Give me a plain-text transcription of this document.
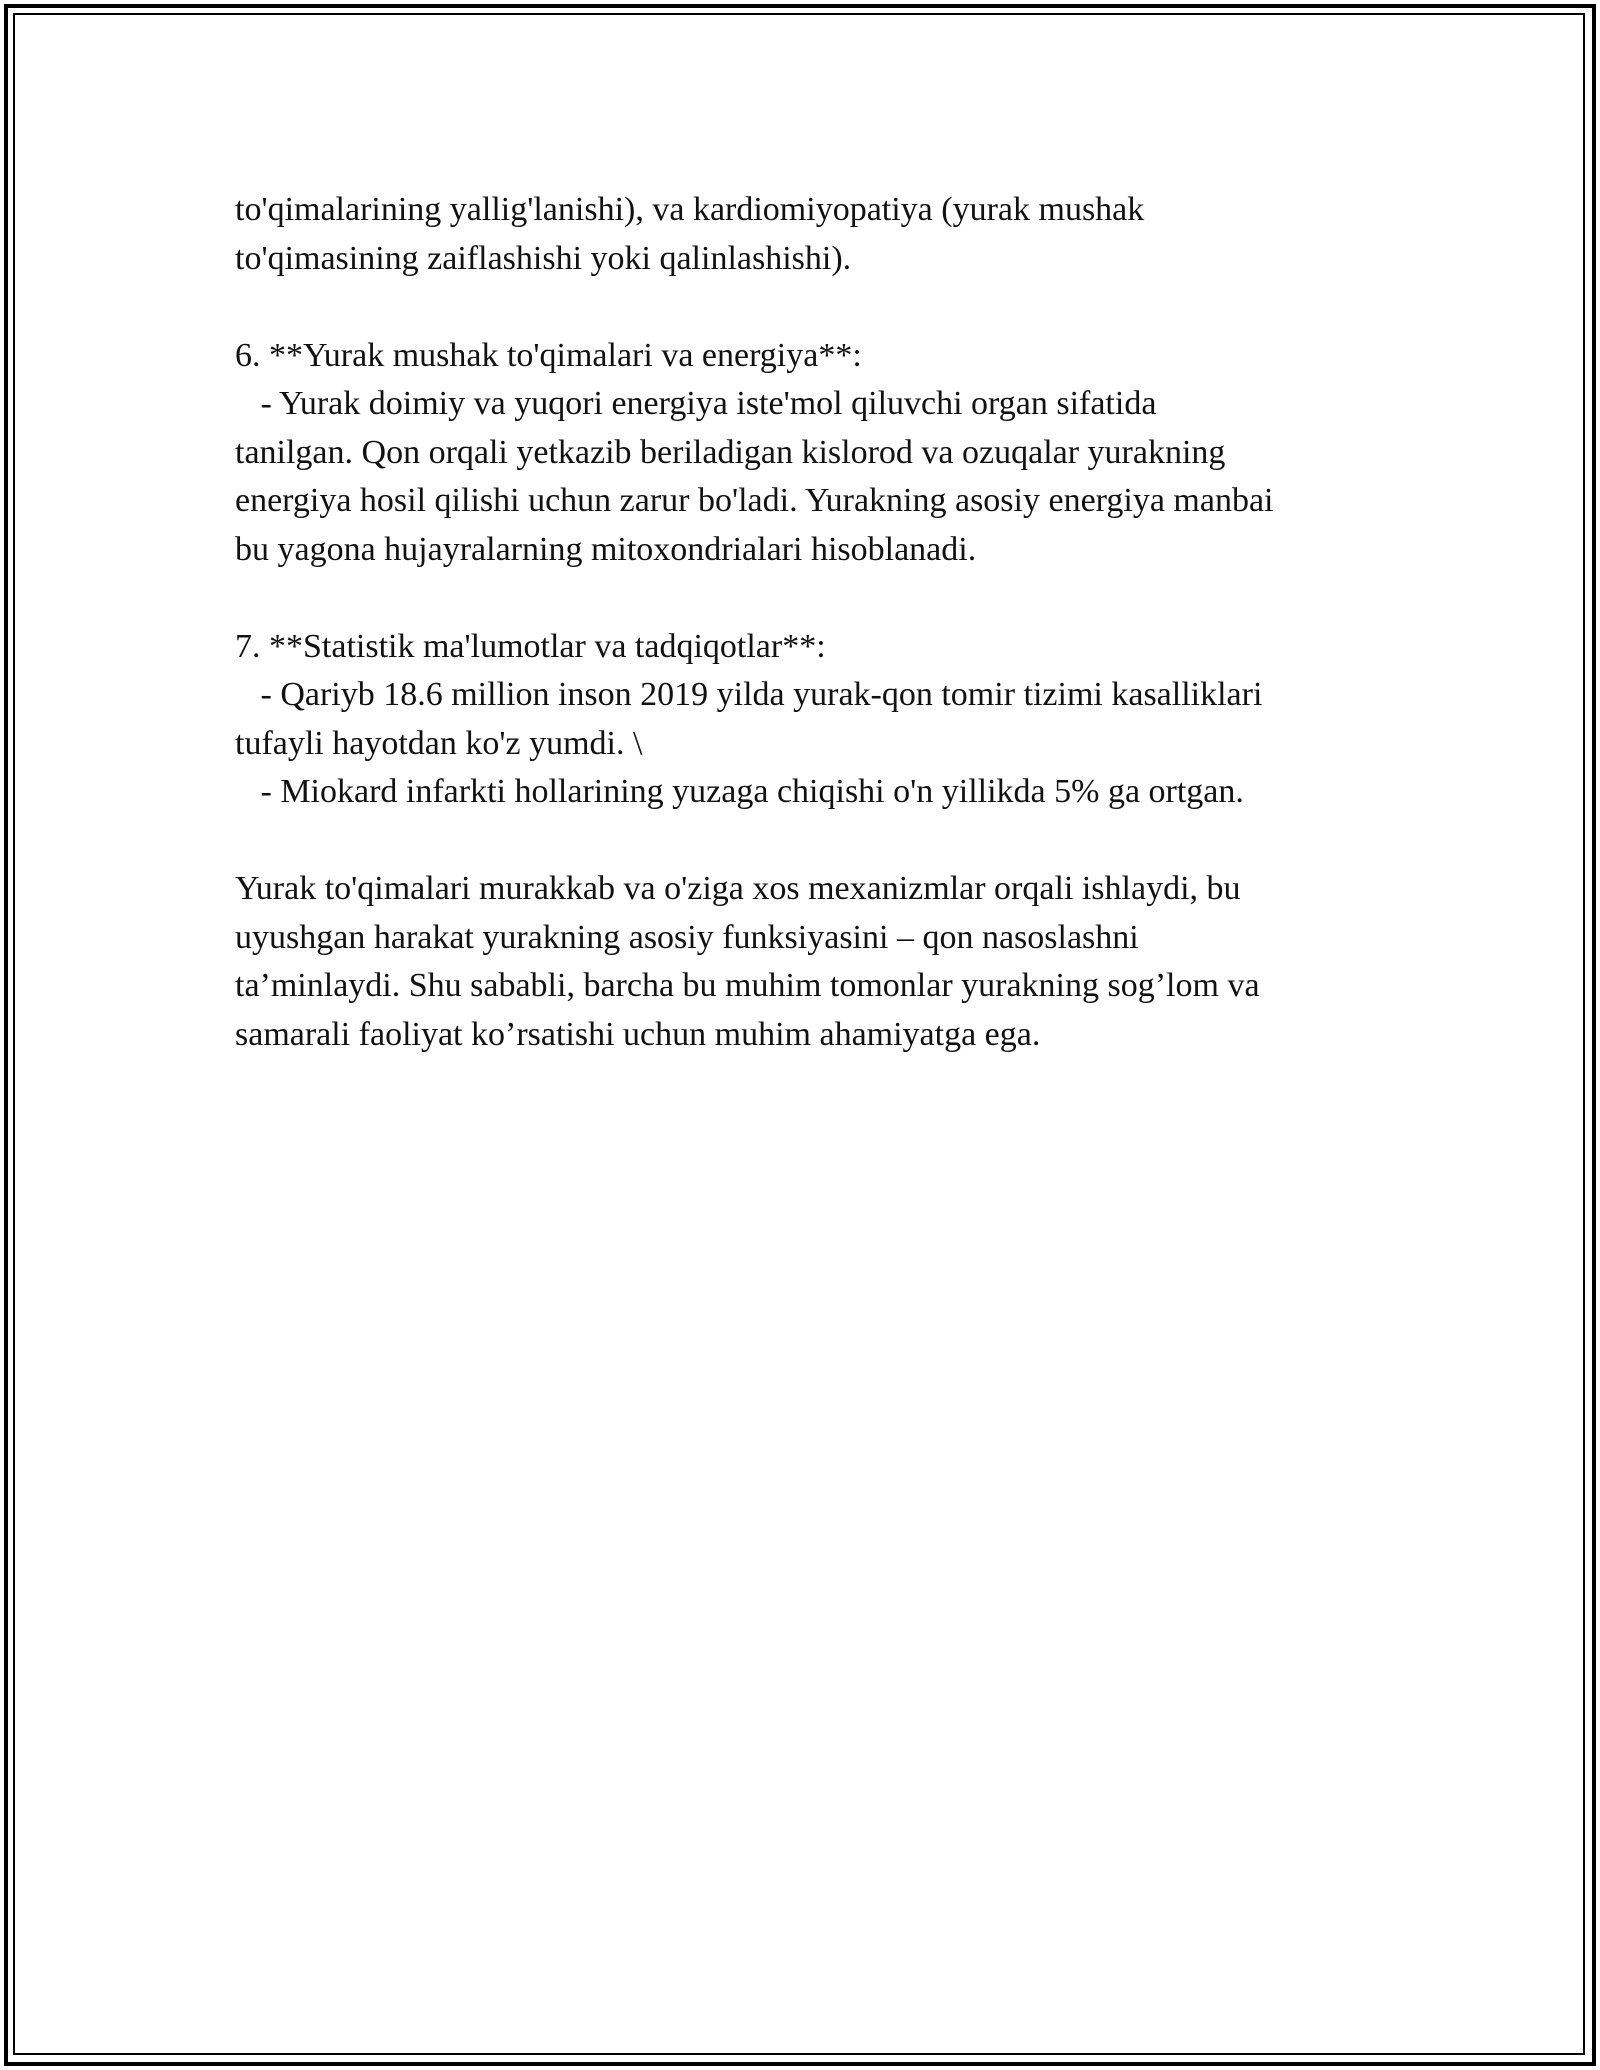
to'qimalarining yallig'lanishi), va kardiomiyopatiya (yurak mushak

to'qimasining zaiflashishi yoki qalinlashishi).

6. **Yurak mushak to'qimalari va energiya**:

- Yurak doimiy va yuqori energiya iste'mol qiluvchi organ sifatida

tanilgan. Qon orqali yetkazib beriladigan kislorod va ozuqalar yurakning

energiya hosil qilishi uchun zarur bo'ladi. Yurakning asosiy energiya manbai

bu yagona hujayralarning mitoxondrialari hisoblanadi.

7. **Statistik ma'lumotlar va tadqiqotlar**:

- Qariyb 18.6 million inson 2019 yilda yurak-qon tomir tizimi kasalliklari

tufayli hayotdan ko'z yumdi. \

- Miokard infarkti hollarining yuzaga chiqishi o'n yillikda 5% ga ortgan.

Yurak to'qimalari murakkab va o'ziga xos mexanizmlar orqali ishlaydi, bu

uyushgan harakat yurakning asosiy funksiyasini – qon nasoslashni

ta’minlaydi. Shu sababli, barcha bu muhim tomonlar yurakning sog’lom va

samarali faoliyat ko’rsatishi uchun muhim ahamiyatga ega.
